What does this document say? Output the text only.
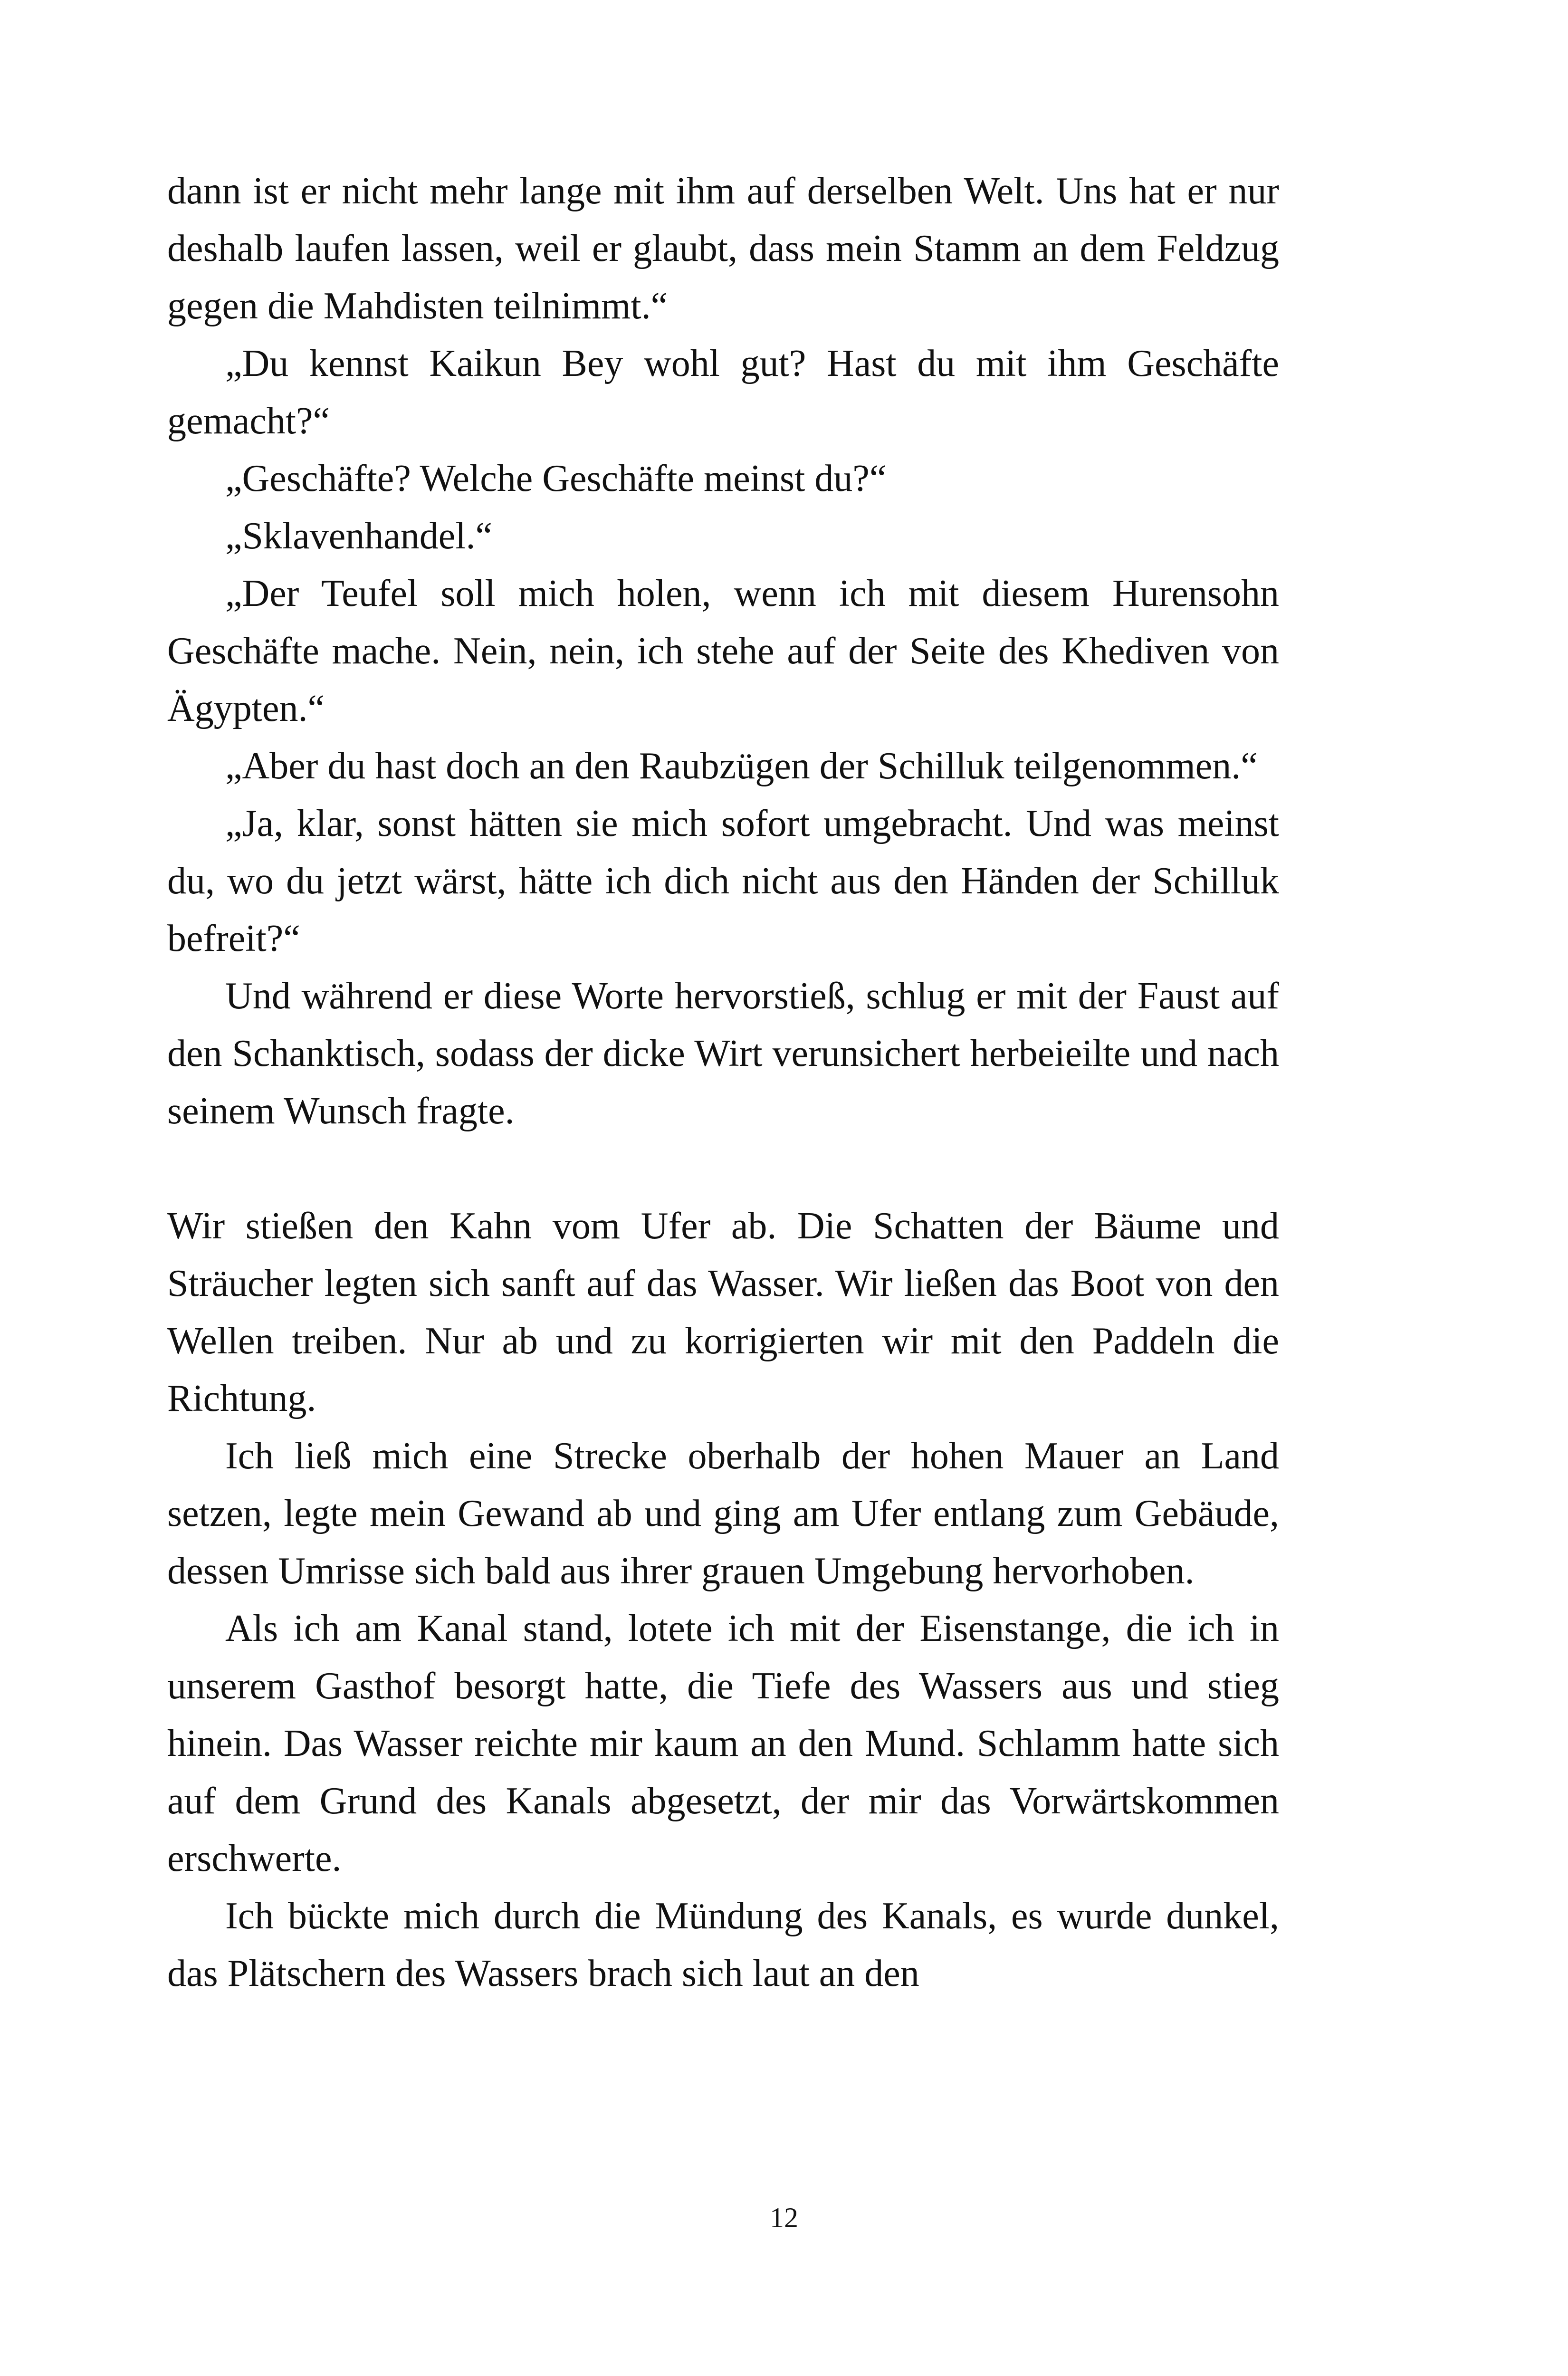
dann ist er nicht mehr lange mit ihm auf derselben Welt. Uns hat er nur deshalb laufen lassen, weil er glaubt, dass mein Stamm an dem Feldzug gegen die Mahdisten teilnimmt.“

„Du kennst Kaikun Bey wohl gut? Hast du mit ihm Geschäfte gemacht?“

„Geschäfte? Welche Geschäfte meinst du?“

„Sklavenhandel.“

„Der Teufel soll mich holen, wenn ich mit diesem Hurensohn Geschäfte mache. Nein, nein, ich stehe auf der Seite des Khediven von Ägypten.“

„Aber du hast doch an den Raubzügen der Schilluk teilgenommen.“

„Ja, klar, sonst hätten sie mich sofort umgebracht. Und was meinst du, wo du jetzt wärst, hätte ich dich nicht aus den Händen der Schilluk befreit?“

Und während er diese Worte hervorstieß, schlug er mit der Faust auf den Schanktisch, sodass der dicke Wirt verunsichert herbeieilte und nach seinem Wunsch fragte.

Wir stießen den Kahn vom Ufer ab. Die Schatten der Bäume und Sträucher legten sich sanft auf das Wasser. Wir ließen das Boot von den Wellen treiben. Nur ab und zu korrigierten wir mit den Paddeln die Richtung.

Ich ließ mich eine Strecke oberhalb der hohen Mauer an Land setzen, legte mein Gewand ab und ging am Ufer entlang zum Gebäude, dessen Umrisse sich bald aus ihrer grauen Umgebung hervorhoben.

Als ich am Kanal stand, lotete ich mit der Eisenstange, die ich in unserem Gasthof besorgt hatte, die Tiefe des Wassers aus und stieg hinein. Das Wasser reichte mir kaum an den Mund. Schlamm hatte sich auf dem Grund des Kanals abgesetzt, der mir das Vorwärtskommen erschwerte.

Ich bückte mich durch die Mündung des Kanals, es wurde dunkel, das Plätschern des Wassers brach sich laut an den

12
